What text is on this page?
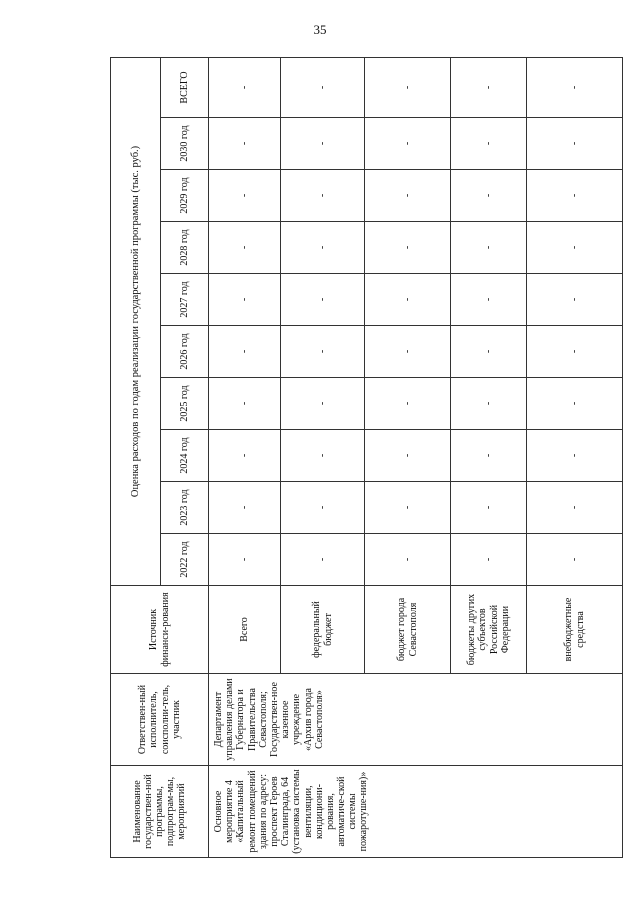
35
Наименование государствен-ной программы, подпрограм-мы, мероприятий	Ответствен-ный исполнитель, соисполни-тель, участник	Источник финанси-рования	Оценка расходов по годам реализации государственной программы (тыс. руб.)									
			2022 год	2023 год	2024 год	2025 год	2026 год	2027 год	2028 год	2029 год	2030 год	ВСЕГО
Основное мероприятие 4 «Капитальный ремонт помещений здания по адресу: проспект Героев Сталинграда, 64 (установка системы вентиляции, кондициони-рования, автоматиче-ской системы пожаротуше-ния)»	Департамент управления делами Губернатора и Правительства Севастополя; Государствен-ное казенное учреждение «Архив города Севастополя»	Всего	-	-	-	-	-	-	-	-	-	-
		федеральный бюджет	-	-	-	-	-	-	-	-	-	-
		бюджет города Севастополя	-	-	-	-	-	-	-	-	-	-
		бюджеты других субъектов Российской Федерации	-	-	-	-	-	-	-	-	-	-
		внебюджетные средства	-	-	-	-	-	-	-	-	-	-
